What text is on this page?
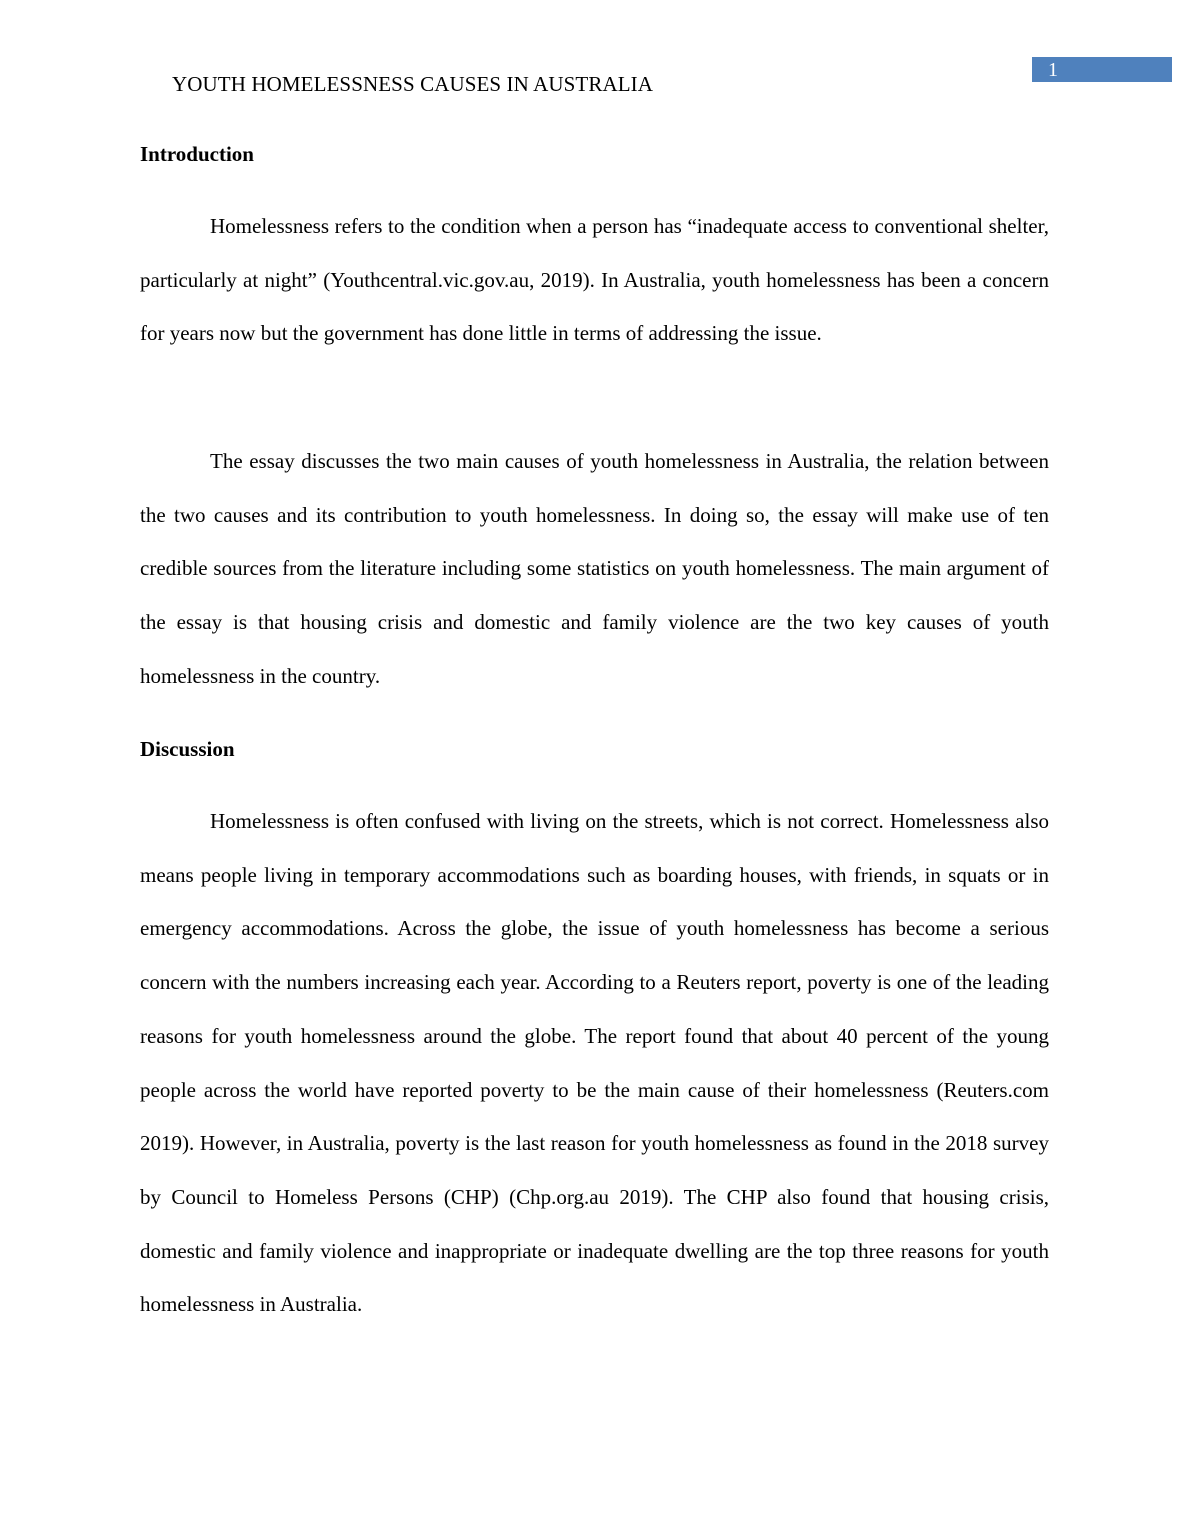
1
YOUTH HOMELESSNESS CAUSES IN AUSTRALIA
Introduction

Homelessness refers to the condition when a person has “inadequate access to conventional shelter, particularly at night” (Youthcentral.vic.gov.au, 2019). In Australia, youth homelessness has been a concern for years now but the government has done little in terms of addressing the issue.

The essay discusses the two main causes of youth homelessness in Australia, the relation between the two causes and its contribution to youth homelessness. In doing so, the essay will make use of ten credible sources from the literature including some statistics on youth homelessness. The main argument of the essay is that housing crisis and domestic and family violence are the two key causes of youth homelessness in the country.

Discussion

Homelessness is often confused with living on the streets, which is not correct. Homelessness also means people living in temporary accommodations such as boarding houses, with friends, in squats or in emergency accommodations. Across the globe, the issue of youth homelessness has become a serious concern with the numbers increasing each year. According to a Reuters report, poverty is one of the leading reasons for youth homelessness around the globe. The report found that about 40 percent of the young people across the world have reported poverty to be the main cause of their homelessness (Reuters.com 2019). However, in Australia, poverty is the last reason for youth homelessness as found in the 2018 survey by Council to Homeless Persons (CHP) (Chp.org.au 2019). The CHP also found that housing crisis, domestic and family violence and inappropriate or inadequate dwelling are the top three reasons for youth homelessness in Australia.
